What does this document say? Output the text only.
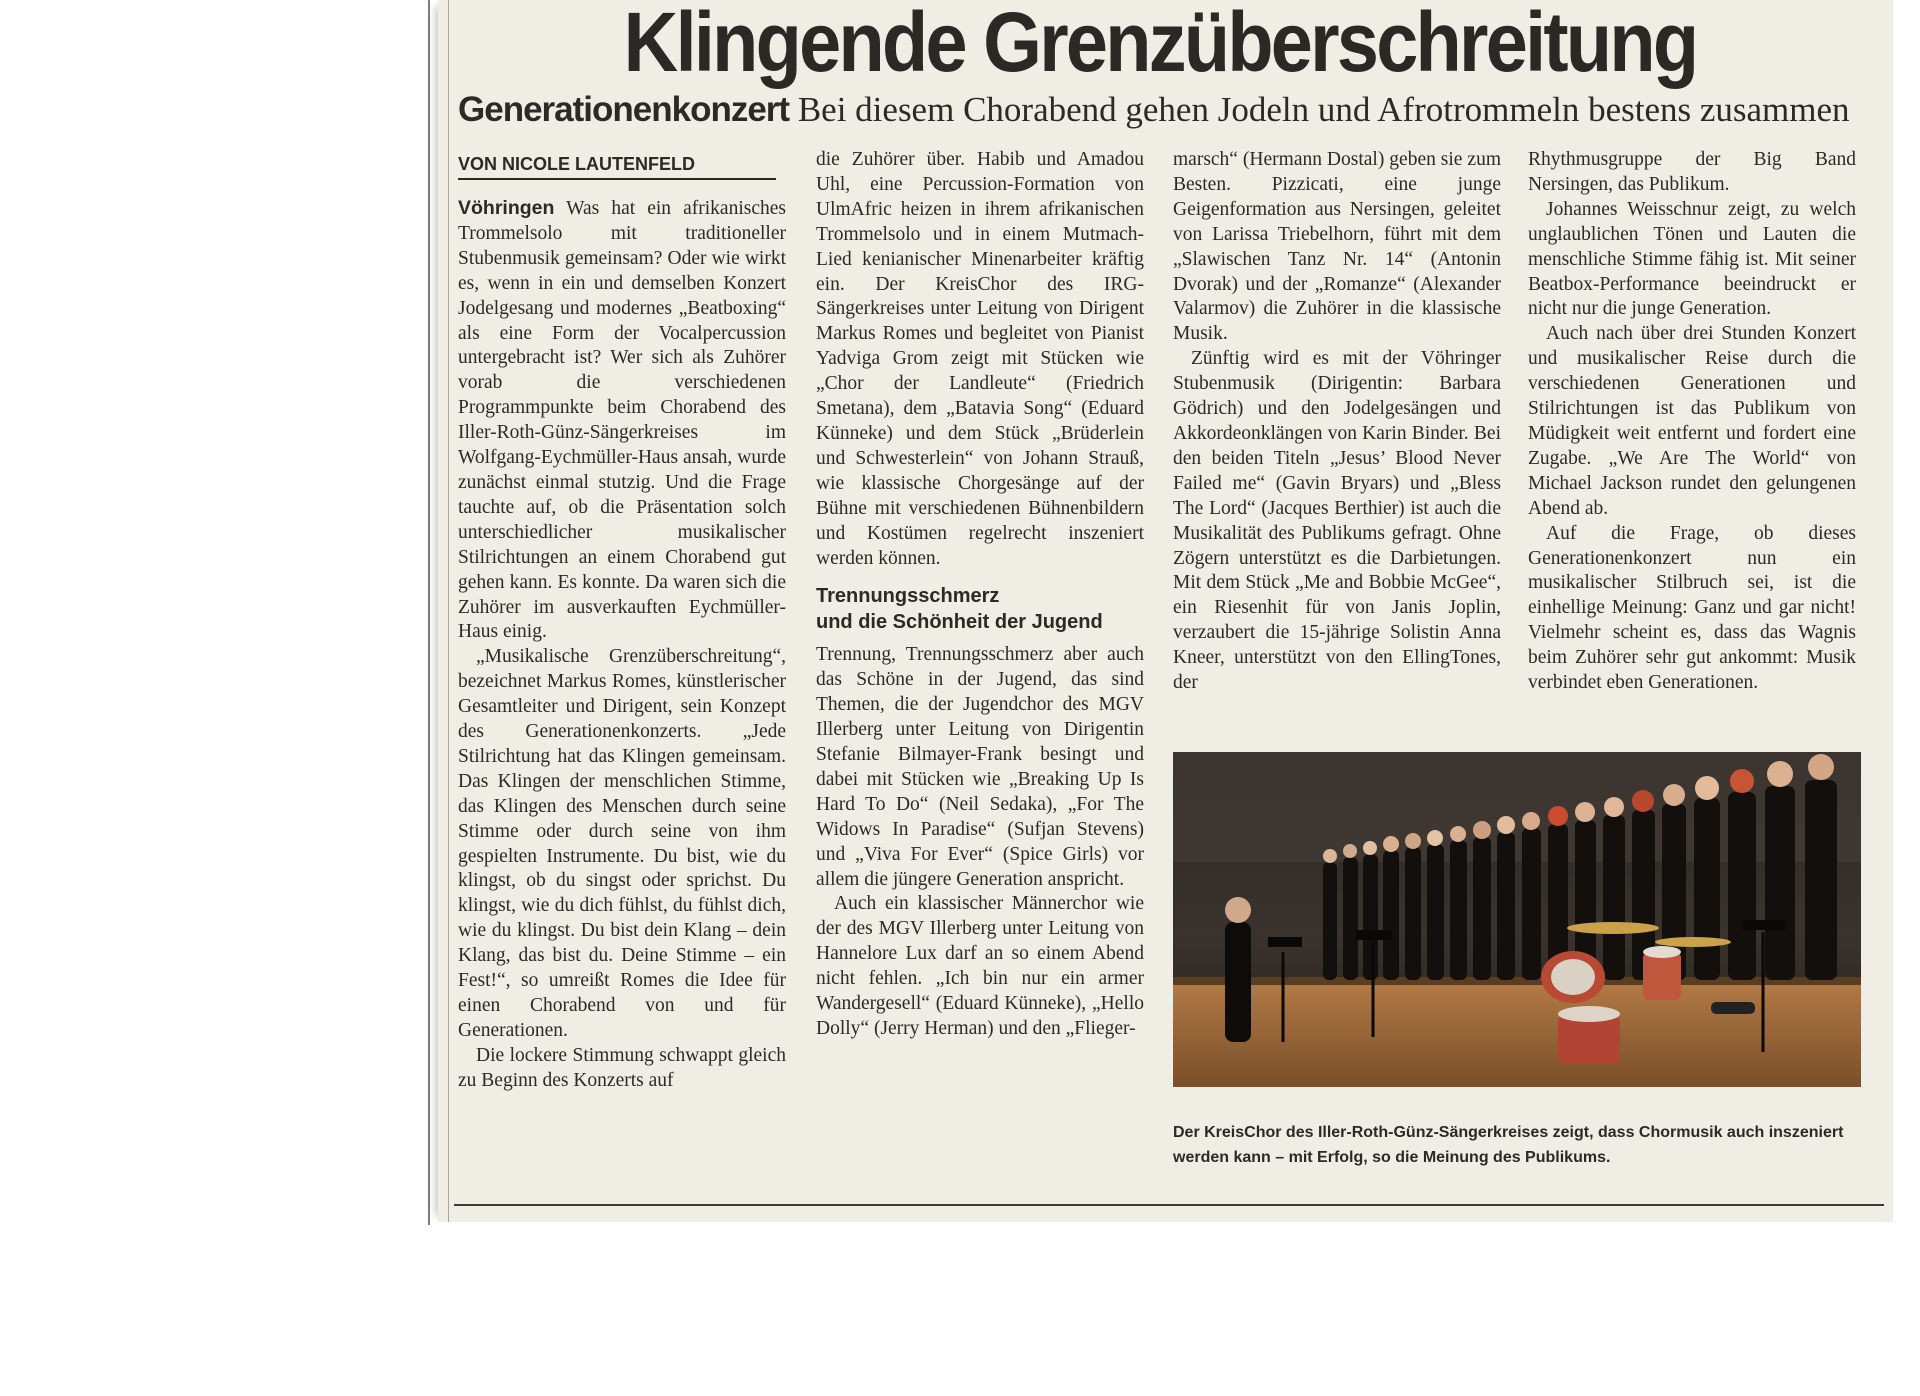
Klingende Grenzüberschreitung
Generationenkonzert Bei diesem Chorabend gehen Jodeln und Afrotrommeln bestens zusammen
VON NICOLE LAUTENFELD

Vöhringen Was hat ein afrikanisches Trommelsolo mit traditioneller Stubenmusik gemeinsam? Oder wie wirkt es, wenn in ein und demselben Konzert Jodelgesang und modernes „Beatboxing“ als eine Form der Vocalpercussion untergebracht ist? Wer sich als Zuhörer vorab die verschiedenen Programmpunkte beim Chorabend des Iller-Roth-Günz-Sängerkreises im Wolfgang-Eychmüller-Haus ansah, wurde zunächst einmal stutzig. Und die Frage tauchte auf, ob die Präsentation solch unterschiedlicher musikalischer Stilrichtungen an einem Chorabend gut gehen kann. Es konnte. Da waren sich die Zuhörer im ausverkauften Eychmüller-Haus einig.

„Musikalische Grenzüberschreitung“, bezeichnet Markus Romes, künstlerischer Gesamtleiter und Dirigent, sein Konzept des Generationenkonzerts. „Jede Stilrichtung hat das Klingen gemeinsam. Das Klingen der menschlichen Stimme, das Klingen des Menschen durch seine Stimme oder durch seine von ihm gespielten Instrumente. Du bist, wie du klingst, ob du singst oder sprichst. Du klingst, wie du dich fühlst, du fühlst dich, wie du klingst. Du bist dein Klang – dein Klang, das bist du. Deine Stimme – ein Fest!“, so umreißt Romes die Idee für einen Chorabend von und für Generationen.

Die lockere Stimmung schwappt gleich zu Beginn des Konzerts auf

die Zuhörer über. Habib und Amadou Uhl, eine Percussion-Formation von UlmAfric heizen in ihrem afrikanischen Trommelsolo und in einem Mutmach-Lied kenianischer Minenarbeiter kräftig ein. Der KreisChor des IRG-Sängerkreises unter Leitung von Dirigent Markus Romes und begleitet von Pianist Yadviga Grom zeigt mit Stücken wie „Chor der Landleute“ (Friedrich Smetana), dem „Batavia Song“ (Eduard Künneke) und dem Stück „Brüderlein und Schwesterlein“ von Johann Strauß, wie klassische Chorgesänge auf der Bühne mit verschiedenen Bühnenbildern und Kostümen regelrecht inszeniert werden können.

Trennungsschmerz
und die Schönheit der Jugend

Trennung, Trennungsschmerz aber auch das Schöne in der Jugend, das sind Themen, die der Jugendchor des MGV Illerberg unter Leitung von Dirigentin Stefanie Bilmayer-Frank besingt und dabei mit Stücken wie „Breaking Up Is Hard To Do“ (Neil Sedaka), „For The Widows In Paradise“ (Sufjan Stevens) und „Viva For Ever“ (Spice Girls) vor allem die jüngere Generation anspricht.

Auch ein klassischer Männerchor wie der des MGV Illerberg unter Leitung von Hannelore Lux darf an so einem Abend nicht fehlen. „Ich bin nur ein armer Wandergesell“ (Eduard Künneke), „Hello Dolly“ (Jerry Herman) und den „Flieger-

marsch“ (Hermann Dostal) geben sie zum Besten. Pizzicati, eine junge Geigenformation aus Nersingen, geleitet von Larissa Triebelhorn, führt mit dem „Slawischen Tanz Nr. 14“ (Antonin Dvorak) und der „Romanze“ (Alexander Valarmov) die Zuhörer in die klassische Musik.

Zünftig wird es mit der Vöhringer Stubenmusik (Dirigentin: Barbara Gödrich) und den Jodelgesängen und Akkordeonklängen von Karin Binder. Bei den beiden Titeln „Jesus’ Blood Never Failed me“ (Gavin Bryars) und „Bless The Lord“ (Jacques Berthier) ist auch die Musikalität des Publikums gefragt. Ohne Zögern unterstützt es die Darbietungen. Mit dem Stück „Me and Bobbie McGee“, ein Riesenhit für von Janis Joplin, verzaubert die 15-jährige Solistin Anna Kneer, unterstützt von den EllingTones, der

Rhythmusgruppe der Big Band Nersingen, das Publikum.

Johannes Weisschnur zeigt, zu welch unglaublichen Tönen und Lauten die menschliche Stimme fähig ist. Mit seiner Beatbox-Performance beeindruckt er nicht nur die junge Generation.

Auch nach über drei Stunden Konzert und musikalischer Reise durch die verschiedenen Generationen und Stilrichtungen ist das Publikum von Müdigkeit weit entfernt und fordert eine Zugabe. „We Are The World“ von Michael Jackson rundet den gelungenen Abend ab.

Auf die Frage, ob dieses Generationenkonzert nun ein musikalischer Stilbruch sei, ist die einhellige Meinung: Ganz und gar nicht! Vielmehr scheint es, dass das Wagnis beim Zuhörer sehr gut ankommt: Musik verbindet eben Generationen.

Der KreisChor des Iller-Roth-Günz-Sängerkreises zeigt, dass Chormusik auch inszeniert werden kann – mit Erfolg, so die Meinung des Publikums.
